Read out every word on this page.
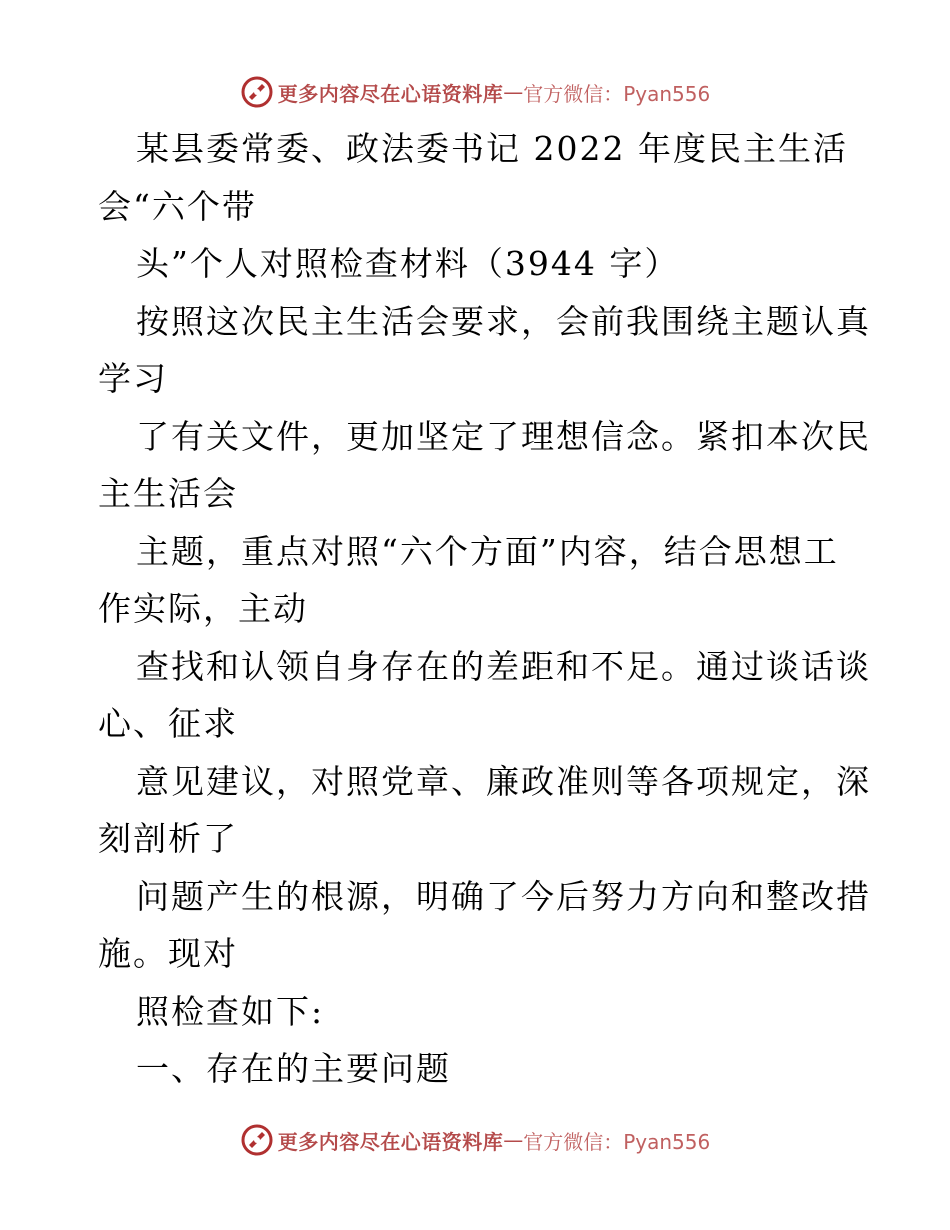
更多内容尽在心语资料库 — 官方微信：Pyan556
某县委常委、政法委书记 2022 年度民主生活
会“六个带
头”个人对照检查材料（3944 字）
按照这次民主生活会要求，会前我围绕主题认真
学习
了有关文件，更加坚定了理想信念。紧扣本次民
主生活会
主题，重点对照“六个方面”内容，结合思想工
作实际，主动
查找和认领自身存在的差距和不足。通过谈话谈
心、征求
意见建议，对照党章、廉政准则等各项规定，深
刻剖析了
问题产生的根源，明确了今后努力方向和整改措
施。现对
照检查如下:
一、存在的主要问题
更多内容尽在心语资料库 — 官方微信：Pyan556
